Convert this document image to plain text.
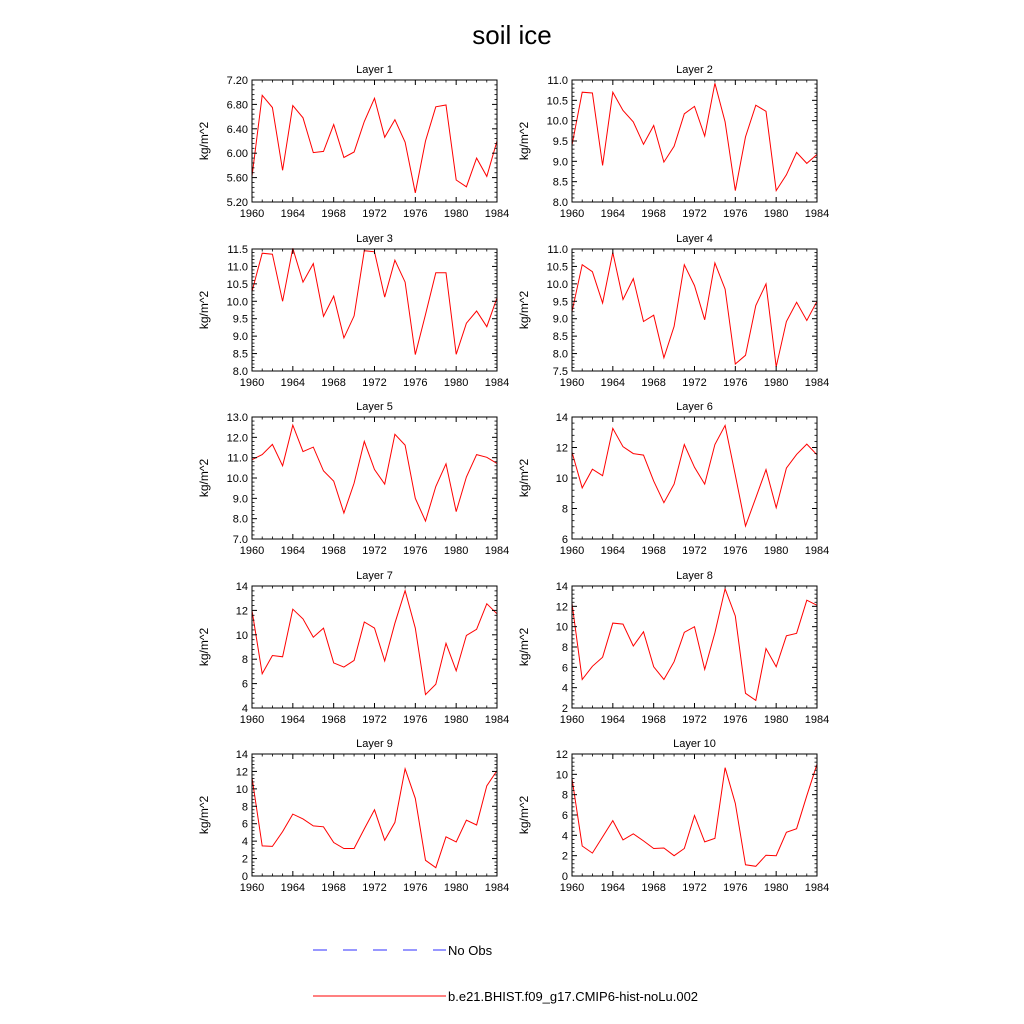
soil ice
Layer 1
kg/m^2
5.20
5.60
6.00
6.40
6.80
7.20
1960 1964 1968 1972 1976 1980 1984
Layer 2
kg/m^2
8.0
8.5
9.0
9.5
10.0
10.5
11.0
1960 1964 1968 1972 1976 1980 1984
Layer 3
kg/m^2
8.0
8.5
9.0
9.5
10.0
10.5
11.0
11.5
1960 1964 1968 1972 1976 1980 1984
Layer 4
kg/m^2
7.5
8.0
8.5
9.0
9.5
10.0
10.5
11.0
1960 1964 1968 1972 1976 1980 1984
Layer 5
kg/m^2
7.0
8.0
9.0
10.0
11.0
12.0
13.0
1960 1964 1968 1972 1976 1980 1984
Layer 6
kg/m^2
6
8
10
12
14
1960 1964 1968 1972 1976 1980 1984
Layer 7
kg/m^2
4
6
8
10
12
14
1960 1964 1968 1972 1976 1980 1984
Layer 8
kg/m^2
2
4
6
8
10
12
14
1960 1964 1968 1972 1976 1980 1984
Layer 9
kg/m^2
0
2
4
6
8
10
12
14
1960 1964 1968 1972 1976 1980 1984
Layer 10
kg/m^2
0
2
4
6
8
10
12
1960 1964 1968 1972 1976 1980 1984
No Obs
b.e21.BHIST.f09_g17.CMIP6-hist-noLu.002
